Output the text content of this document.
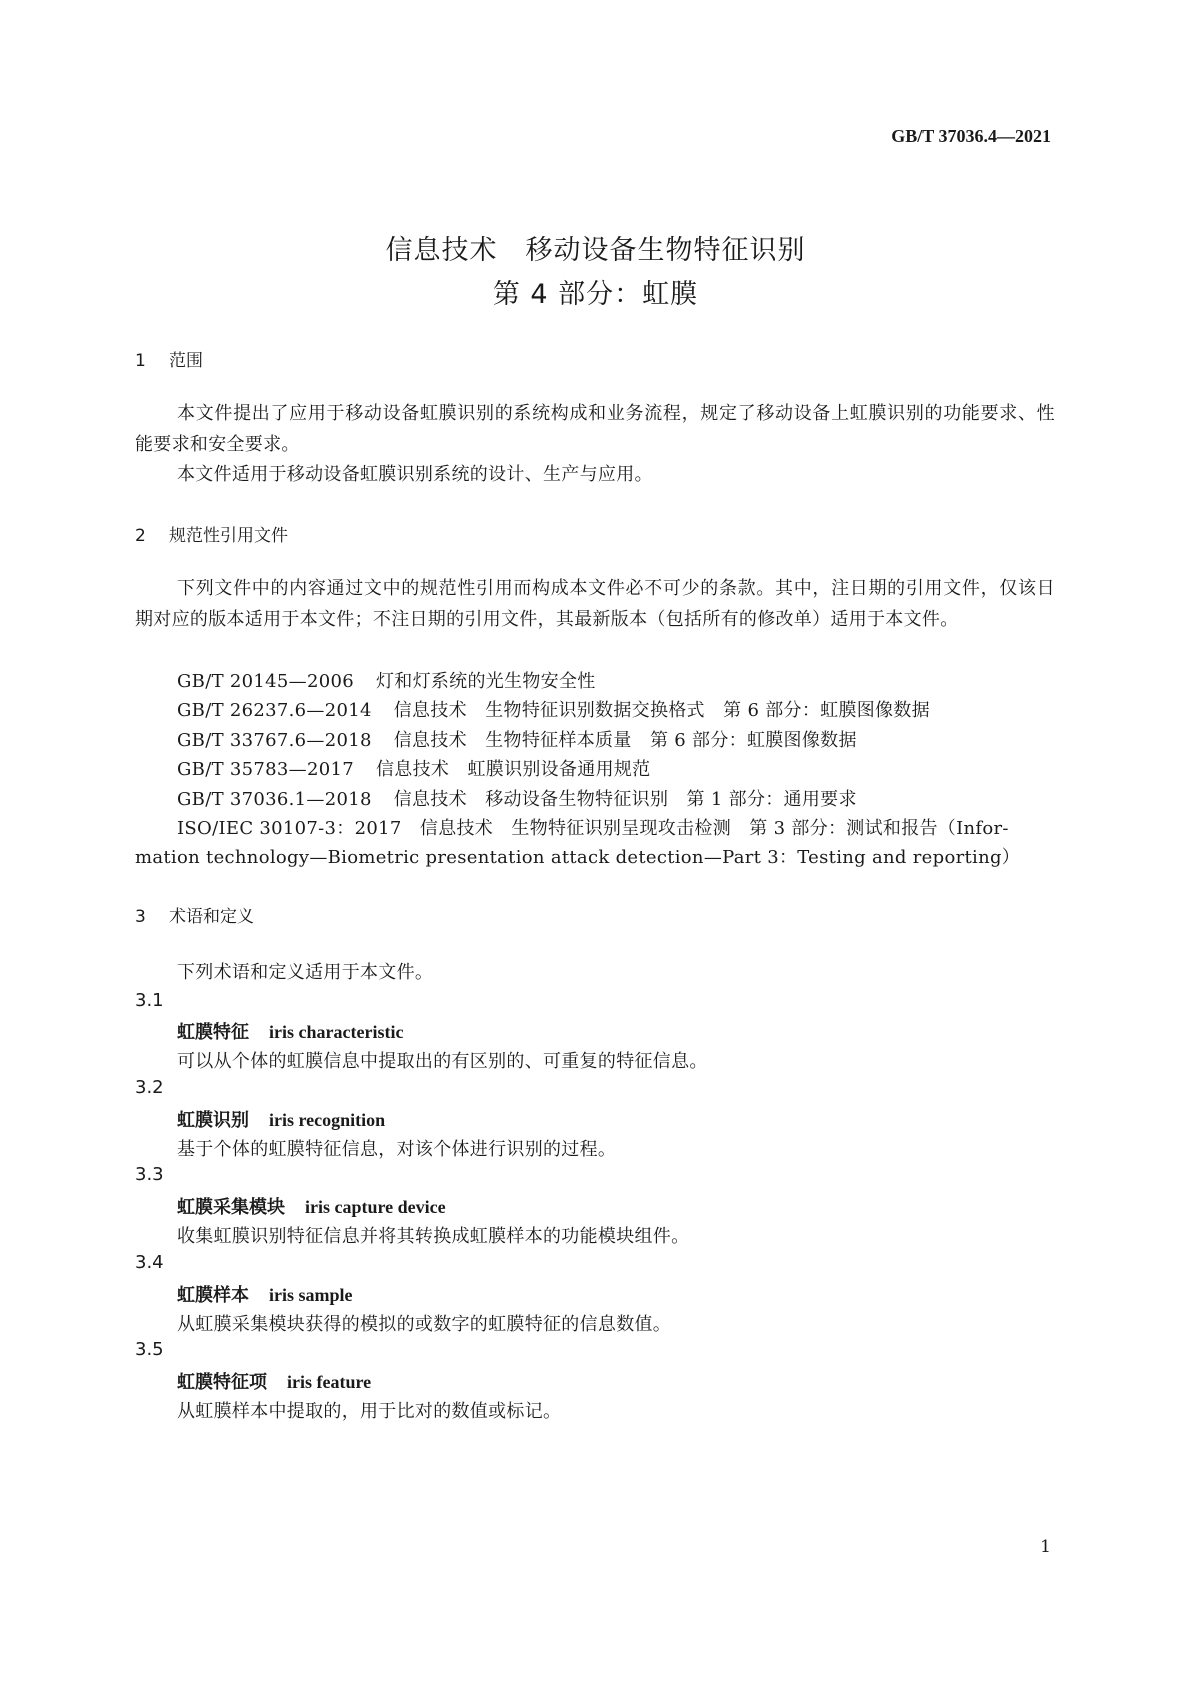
GB/T 37036.4—2021
信息技术　移动设备生物特征识别
第 4 部分：虹膜
1 范围
本文件提出了应用于移动设备虹膜识别的系统构成和业务流程，规定了移动设备上虹膜识别的功能要求、性能要求和安全要求。
本文件适用于移动设备虹膜识别系统的设计、生产与应用。
2 规范性引用文件
下列文件中的内容通过文中的规范性引用而构成本文件必不可少的条款。其中，注日期的引用文件，仅该日期对应的版本适用于本文件；不注日期的引用文件，其最新版本（包括所有的修改单）适用于本文件。
GB/T 20145—2006 灯和灯系统的光生物安全性
GB/T 26237.6—2014 信息技术　生物特征识别数据交换格式　第 6 部分：虹膜图像数据
GB/T 33767.6—2018 信息技术　生物特征样本质量　第 6 部分：虹膜图像数据
GB/T 35783—2017 信息技术　虹膜识别设备通用规范
GB/T 37036.1—2018 信息技术　移动设备生物特征识别　第 1 部分：通用要求
ISO/IEC 30107-3：2017　信息技术　生物特征识别呈现攻击检测　第 3 部分：测试和报告（Infor-
mation technology—Biometric presentation attack detection—Part 3：Testing and reporting）
3 术语和定义
下列术语和定义适用于本文件。
3.1
虹膜特征 iris characteristic
可以从个体的虹膜信息中提取出的有区别的、可重复的特征信息。
3.2
虹膜识别 iris recognition
基于个体的虹膜特征信息，对该个体进行识别的过程。
3.3
虹膜采集模块 iris capture device
收集虹膜识别特征信息并将其转换成虹膜样本的功能模块组件。
3.4
虹膜样本 iris sample
从虹膜采集模块获得的模拟的或数字的虹膜特征的信息数值。
3.5
虹膜特征项 iris feature
从虹膜样本中提取的，用于比对的数值或标记。
1
